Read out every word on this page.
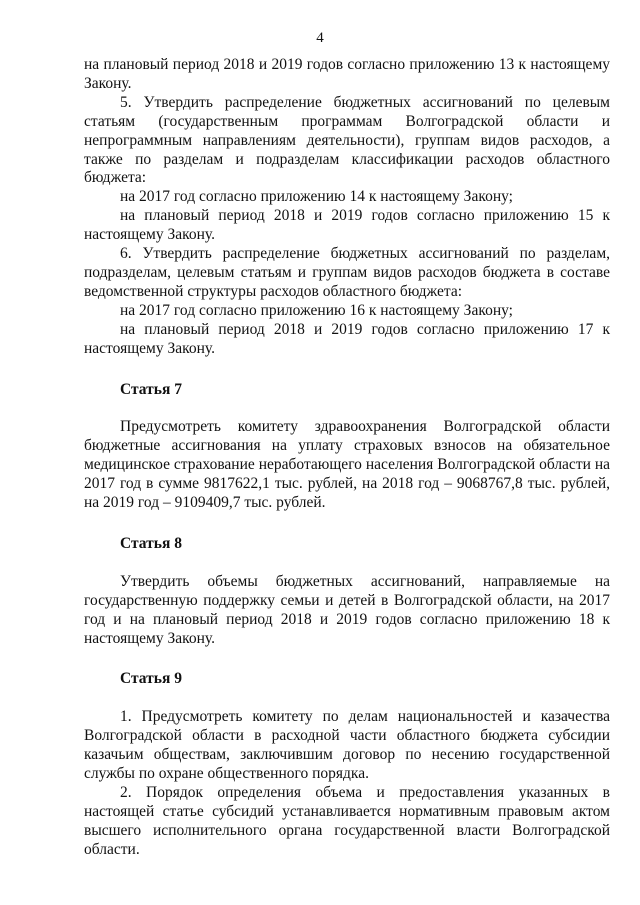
4

на плановый период 2018 и 2019 годов согласно приложению 13 к настоящему Закону.

5. Утвердить распределение бюджетных ассигнований по целевым статьям (государственным программам Волгоградской области и непрограммным направлениям деятельности), группам видов расходов, а также по разделам и подразделам классификации расходов областного бюджета:

на 2017 год согласно приложению 14 к настоящему Закону;

на плановый период 2018 и 2019 годов согласно приложению 15 к настоящему Закону.

6. Утвердить распределение бюджетных ассигнований по разделам, подразделам, целевым статьям и группам видов расходов бюджета в составе ведомственной структуры расходов областного бюджета:

на 2017 год согласно приложению 16 к настоящему Закону;

на плановый период 2018 и 2019 годов согласно приложению 17 к настоящему Закону.

Статья 7

Предусмотреть комитету здравоохранения Волгоградской области бюджетные ассигнования на уплату страховых взносов на обязательное медицинское страхование неработающего населения Волгоградской области на 2017 год в сумме 9817622,1 тыс. рублей, на 2018 год – 9068767,8 тыс. рублей, на 2019 год – 9109409,7 тыс. рублей.

Статья 8

Утвердить объемы бюджетных ассигнований, направляемые на государственную поддержку семьи и детей в Волгоградской области, на 2017 год и на плановый период 2018 и 2019 годов согласно приложению 18 к настоящему Закону.

Статья 9

1. Предусмотреть комитету по делам национальностей и казачества Волгоградской области в расходной части областного бюджета субсидии казачьим обществам, заключившим договор по несению государственной службы по охране общественного порядка.

2. Порядок определения объема и предоставления указанных в настоящей статье субсидий устанавливается нормативным правовым актом высшего исполнительного органа государственной власти Волгоградской области.
